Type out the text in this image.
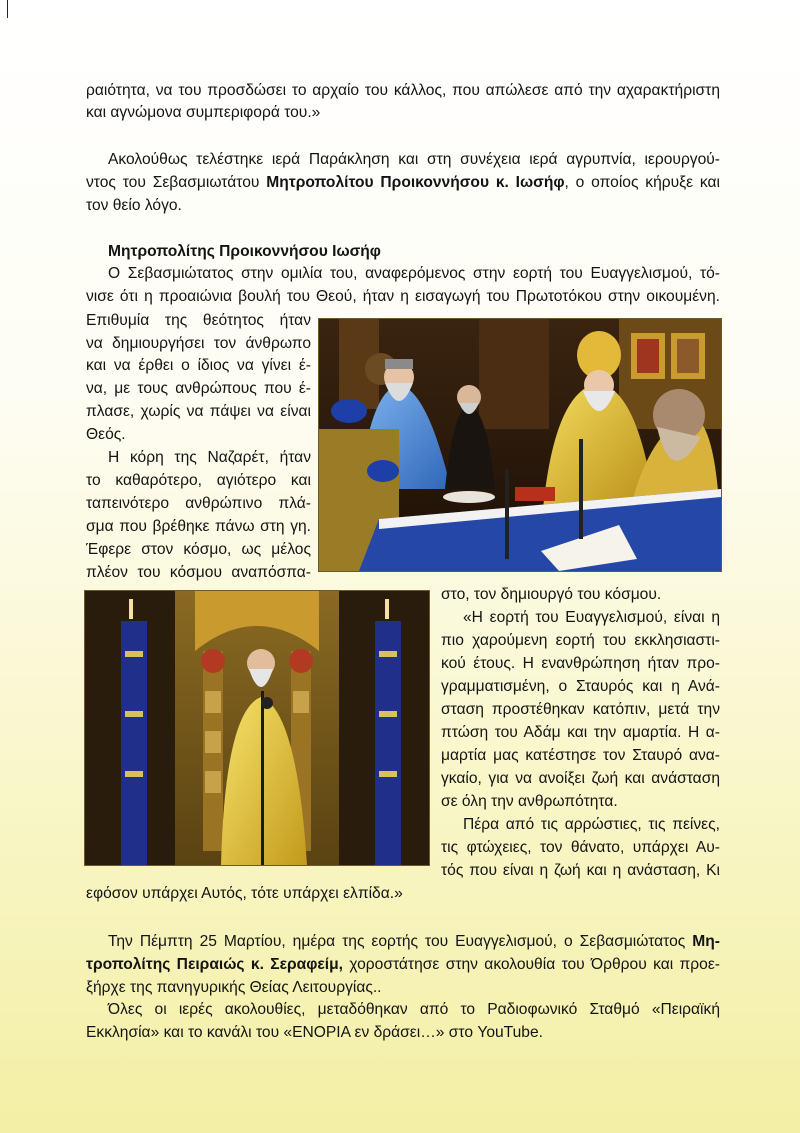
ραιότητα, να του προσδώσει το αρχαίο του κάλλος, που απώλεσε από την αχαρακτήριστη

και αγνώμονα συμπεριφορά του.»

Ακολούθως τελέστηκε ιερά Παράκληση και στη συνέχεια ιερά αγρυπνία, ιερουργού-

ντος του Σεβασμιωτάτου Μητροπολίτου Προικοννήσου κ. Ιωσήφ, ο οποίος κήρυξε και

τον θείο λόγο.

Μητροπολίτης Προικοννήσου Ιωσήφ

Ο Σεβασμιώτατος στην ομιλία του, αναφερόμενος στην εορτή του Ευαγγελισμού, τό-

νισε ότι η προαιώνια βουλή του Θεού, ήταν η εισαγωγή του Πρωτοτόκου στην οικουμένη.

Επιθυμία της θεότητος ήταν

να δημιουργήσει τον άνθρωπο

και να έρθει ο ίδιος να γίνει έ-

να, με τους ανθρώπους που έ-

πλασε, χωρίς να πάψει να είναι

Θεός.

Η κόρη της Ναζαρέτ, ήταν

το καθαρότερο, αγιότερο και

ταπεινότερο ανθρώπινο πλά-

σμα που βρέθηκε πάνω στη γη.

Έφερε στον κόσμο, ως μέλος

πλέον του κόσμου αναπόσπα-

στο, τον δημιουργό του κόσμου.

«Η εορτή του Ευαγγελισμού, είναι η

πιο χαρούμενη εορτή του εκκλησιαστι-

κού έτους. Η ενανθρώπηση ήταν προ-

γραμματισμένη, ο Σταυρός και η Ανά-

σταση προστέθηκαν κατόπιν, μετά την

πτώση του Αδάμ και την αμαρτία. Η α-

μαρτία μας κατέστησε τον Σταυρό ανα-

γκαίο, για να ανοίξει ζωή και ανάσταση

σε όλη την ανθρωπότητα.

Πέρα από τις αρρώστιες, τις πείνες,

τις φτώχειες, τον θάνατο, υπάρχει Αυ-

τός που είναι η ζωή και η ανάσταση, Κι

εφόσον υπάρχει Αυτός, τότε υπάρχει ελπίδα.»

Την Πέμπτη 25 Μαρτίου, ημέρα της εορτής του Ευαγγελισμού, ο Σεβασμιώτατος Μη-

τροπολίτης Πειραιώς κ. Σεραφείμ, χοροστάτησε στην ακολουθία του Όρθρου και προε-

ξήρχε της πανηγυρικής Θείας Λειτουργίας..

Όλες οι ιερές ακολουθίες, μεταδόθηκαν από το Ραδιοφωνικό Σταθμό «Πειραϊκή

Εκκλησία» και το κανάλι του «ΕΝΟΡΙΑ εν δράσει…» στο YouTube.
